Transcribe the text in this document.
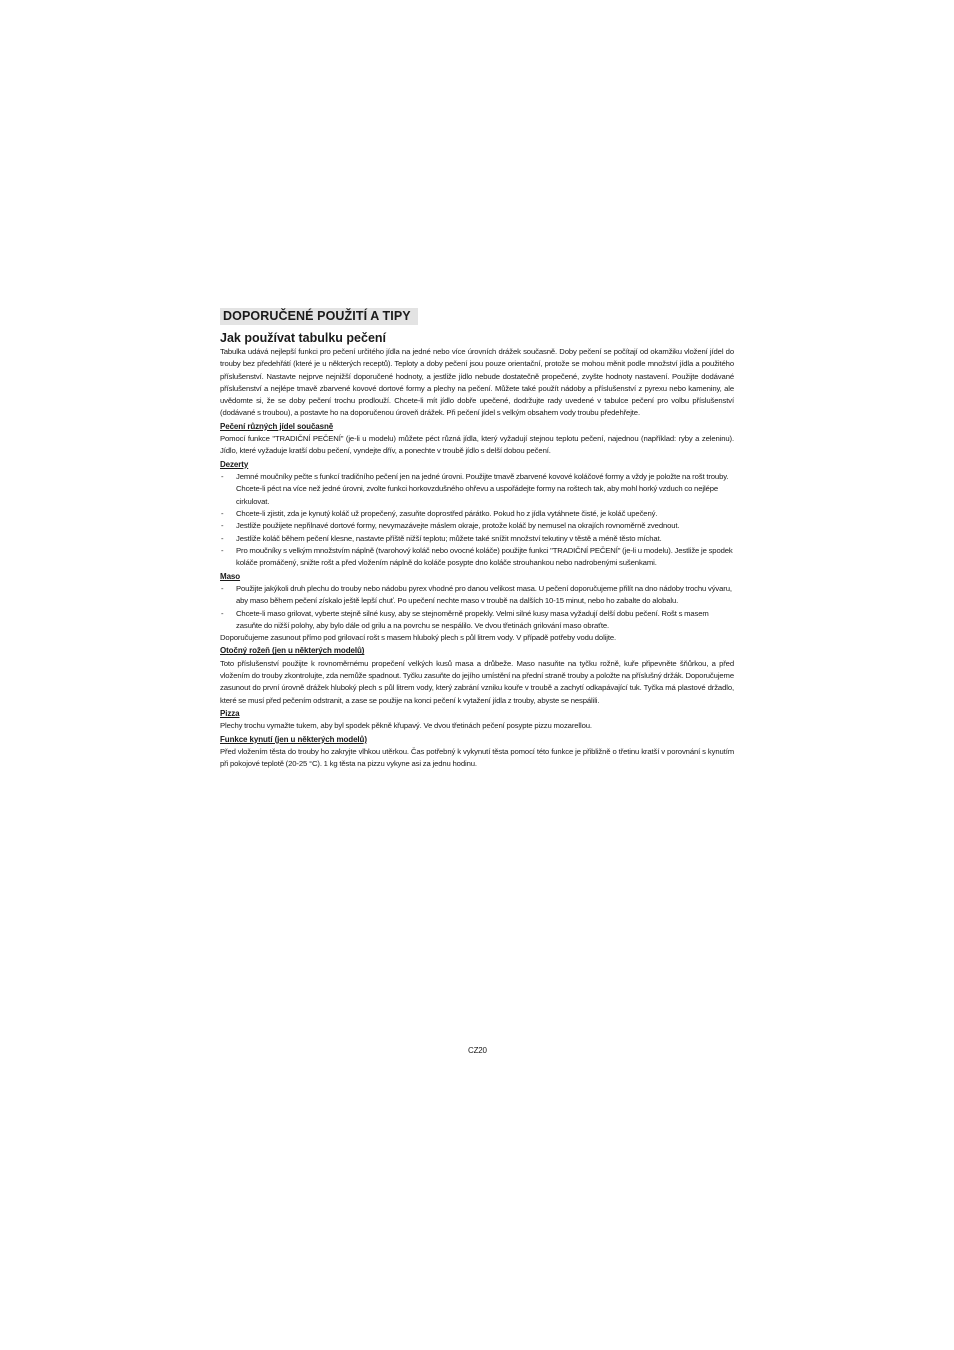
DOPORUČENÉ POUŽITÍ A TIPY
Jak používat tabulku pečení

Tabulka udává nejlepší funkci pro pečení určitého jídla na jedné nebo více úrovních drážek současně. Doby pečení se počítají od okamžiku vložení jídel do trouby bez předehřátí (které je u některých receptů). Teploty a doby pečení jsou pouze orientační, protože se mohou měnit podle množství jídla a použitého příslušenství. Nastavte nejprve nejnižší doporučené hodnoty, a jestliže jídlo nebude dostatečně propečené, zvyšte hodnoty nastavení. Použijte dodávané příslušenství a nejlépe tmavě zbarvené kovové dortové formy a plechy na pečení. Můžete také použít nádoby a příslušenství z pyrexu nebo kameniny, ale uvědomte si, že se doby pečení trochu prodlouží. Chcete-li mít jídlo dobře upečené, dodržujte rady uvedené v tabulce pečení pro volbu příslušenství (dodávané s troubou), a postavte ho na doporučenou úroveň drážek. Při pečení jídel s velkým obsahem vody troubu předehřejte.

Pečení různých jídel současně

Pomocí funkce "TRADIČNÍ PEČENÍ" (je-li u modelu) můžete péct různá jídla, který vyžadují stejnou teplotu pečení, najednou (například: ryby a zeleninu). Jídlo, které vyžaduje kratší dobu pečení, vyndejte dřív, a ponechte v troubě jídlo s delší dobou pečení.

Dezerty
- Jemné moučníky pečte s funkcí tradičního pečení jen na jedné úrovni. Použijte tmavě zbarvené kovové koláčové formy a vždy je položte na rošt trouby. Chcete-li péct na více než jedné úrovni, zvolte funkci horkovzdušného ohřevu a uspořádejte formy na roštech tak, aby mohl horký vzduch co nejlépe cirkulovat.
- Chcete-li zjistit, zda je kynutý koláč už propečený, zasuňte doprostřed párátko. Pokud ho z jídla vytáhnete čisté, je koláč upečený.
- Jestliže použijete nepřilnavé dortové formy, nevymazávejte máslem okraje, protože koláč by nemusel na okrajích rovnoměrně zvednout.
- Jestliže koláč během pečení klesne, nastavte příště nižší teplotu; můžete také snížit množství tekutiny v těstě a méně těsto míchat.
- Pro moučníky s velkým množstvím náplně (tvarohový koláč nebo ovocné koláče) použijte funkci "TRADIČNÍ PEČENÍ" (je-li u modelu). Jestliže je spodek koláče promáčený, snižte rošt a před vložením náplně do koláče posypte dno koláče strouhankou nebo nadrobenými sušenkami.
Maso
- Použijte jakýkoli druh plechu do trouby nebo nádobu pyrex vhodné pro danou velikost masa. U pečení doporučujeme přilít na dno nádoby trochu vývaru, aby maso během pečení získalo ještě lepší chuť. Po upečení nechte maso v troubě na dalších 10-15 minut, nebo ho zabalte do alobalu.
- Chcete-li maso grilovat, vyberte stejně silné kusy, aby se stejnoměrně propekly. Velmi silné kusy masa vyžadují delší dobu pečení. Rošt s masem zasuňte do nižší polohy, aby bylo dále od grilu a na povrchu se nespálilo. Ve dvou třetinách grilování maso obraťte.

Doporučujeme zasunout přímo pod grilovací rošt s masem hluboký plech s půl litrem vody. V případě potřeby vodu dolijte.

Otočný rožeň (jen u některých modelů)

Toto příslušenství použijte k rovnoměrnému propečení velkých kusů masa a drůbeže. Maso nasuňte na tyčku rožně, kuře připevněte šňůrkou, a před vložením do trouby zkontrolujte, zda nemůže spadnout. Tyčku zasuňte do jejího umístění na přední straně trouby a položte na příslušný držák. Doporučujeme zasunout do první úrovně drážek hluboký plech s půl litrem vody, který zabrání vzniku kouře v troubě a zachytí odkapávající tuk. Tyčka má plastové držadlo, které se musí před pečením odstranit, a zase se použije na konci pečení k vytažení jídla z trouby, abyste se nespálili.

Pizza

Plechy trochu vymažte tukem, aby byl spodek pěkně křupavý. Ve dvou třetinách pečení posypte pizzu mozarellou.

Funkce kynutí (jen u některých modelů)

Před vložením těsta do trouby ho zakryjte vlhkou utěrkou. Čas potřebný k vykynutí těsta pomocí této funkce je přibližně o třetinu kratší v porovnání s kynutím při pokojové teplotě (20-25 °C). 1 kg těsta na pizzu vykyne asi za jednu hodinu.

CZ20
